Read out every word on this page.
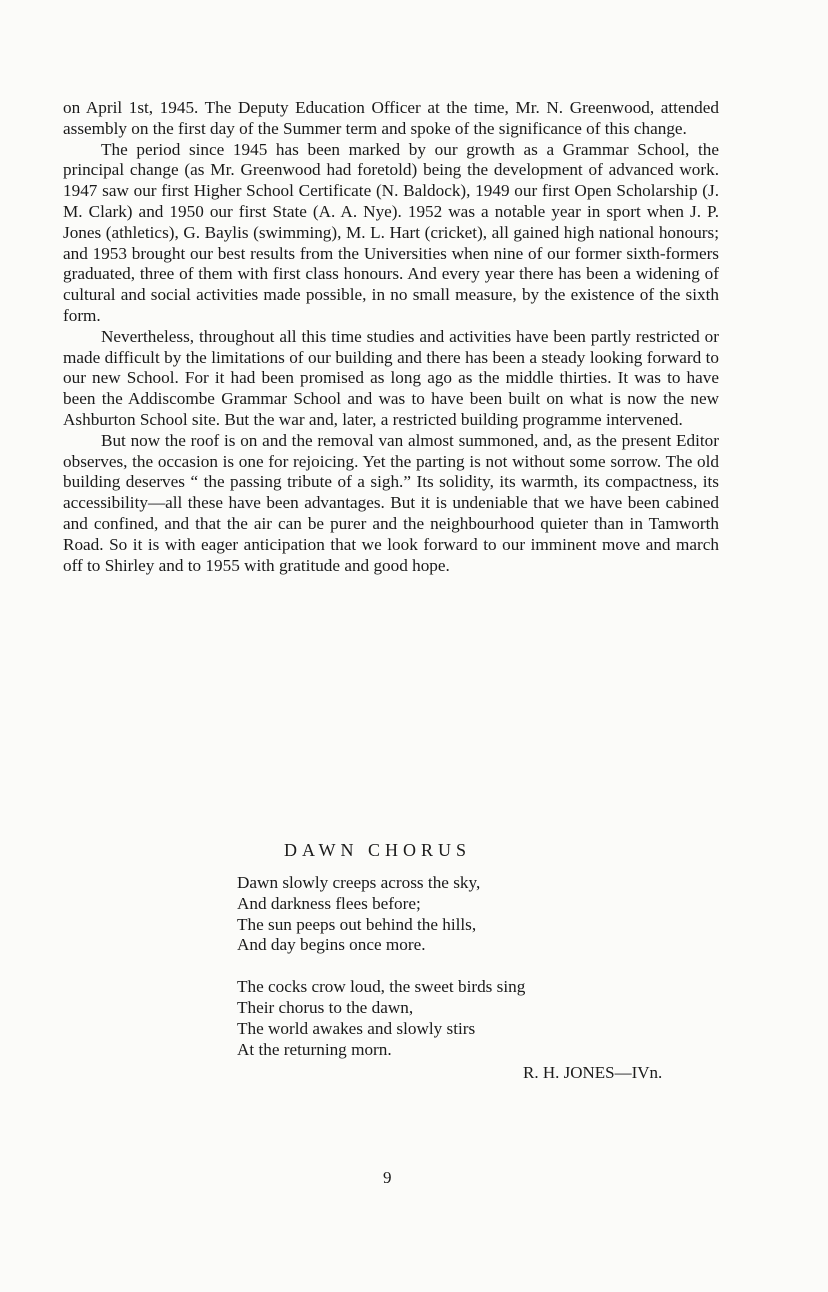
on April 1st, 1945. The Deputy Education Officer at the time, Mr. N. Greenwood, attended assembly on the first day of the Summer term and spoke of the significance of this change.

The period since 1945 has been marked by our growth as a Grammar School, the principal change (as Mr. Greenwood had foretold) being the development of advanced work. 1947 saw our first Higher School Certificate (N. Baldock), 1949 our first Open Scholarship (J. M. Clark) and 1950 our first State (A. A. Nye). 1952 was a notable year in sport when J. P. Jones (athletics), G. Baylis (swimming), M. L. Hart (cricket), all gained high national honours; and 1953 brought our best results from the Universities when nine of our former sixth-formers graduated, three of them with first class honours. And every year there has been a widening of cultural and social activities made possible, in no small measure, by the existence of the sixth form.

Nevertheless, throughout all this time studies and activities have been partly restricted or made difficult by the limitations of our building and there has been a steady looking forward to our new School. For it had been promised as long ago as the middle thirties. It was to have been the Addiscombe Grammar School and was to have been built on what is now the new Ashburton School site. But the war and, later, a restricted building programme intervened.

But now the roof is on and the removal van almost summoned, and, as the present Editor observes, the occasion is one for rejoicing. Yet the parting is not without some sorrow. The old building deserves “ the passing tribute of a sigh.” Its solidity, its warmth, its compactness, its accessibility—all these have been advantages. But it is undeniable that we have been cabined and confined, and that the air can be purer and the neighbourhood quieter than in Tamworth Road. So it is with eager anticipation that we look forward to our imminent move and march off to Shirley and to 1955 with gratitude and good hope.

DAWN CHORUS
Dawn slowly creeps across the sky,
And darkness flees before;
The sun peeps out behind the hills,
And day begins once more.
The cocks crow loud, the sweet birds sing
Their chorus to the dawn,
The world awakes and slowly stirs
At the returning morn.
R. H. JONES—IVn.
9
